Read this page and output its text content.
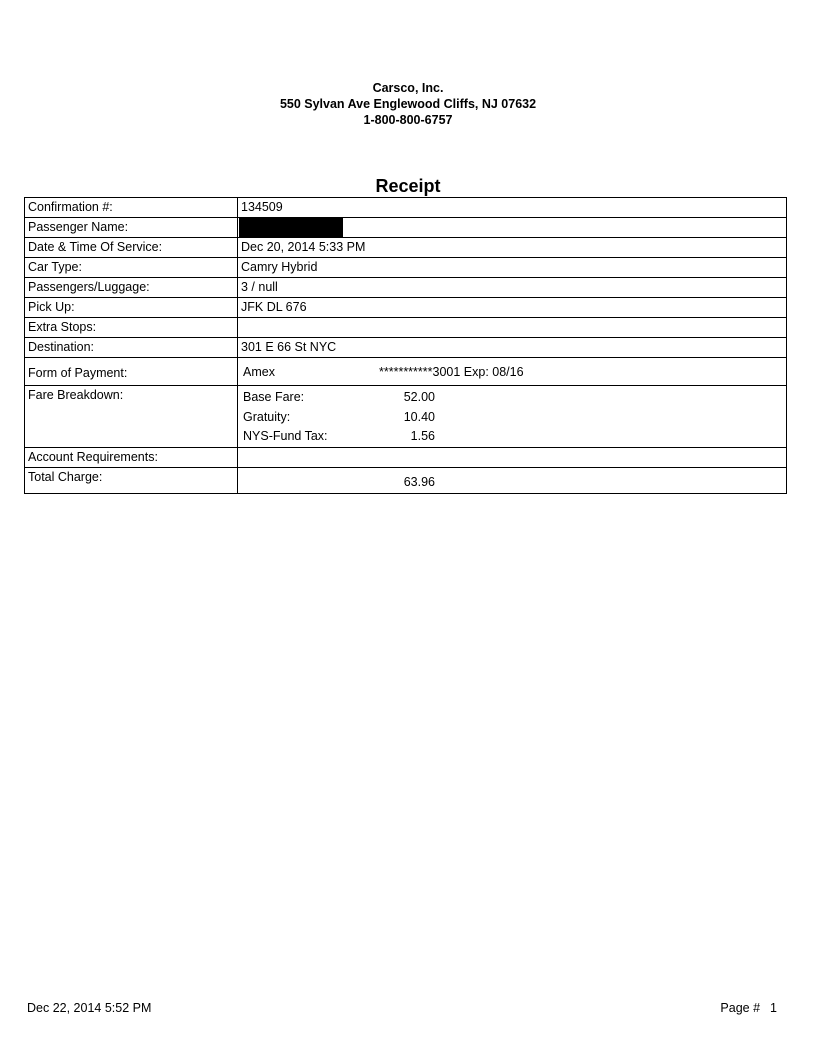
Carsco, Inc.
550 Sylvan Ave Englewood Cliffs, NJ 07632
1-800-800-6757
Receipt
Confirmation #:	134509
Passenger Name:	
Date & Time Of Service:	Dec 20, 2014 5:33 PM
Car Type:	Camry Hybrid
Passengers/Luggage:	3 / null
Pick Up:	JFK DL 676
Extra Stops:	
Destination:	301 E 66 St NYC
Form of Payment:	Amex ***********3001 Exp: 08/16
Fare Breakdown:	Base Fare: 52.00
Gratuity: 10.40
NYS-Fund Tax: 1.56

Account Requirements:	
Total Charge:	63.96
Dec 22, 2014 5:52 PM	Page # 1
